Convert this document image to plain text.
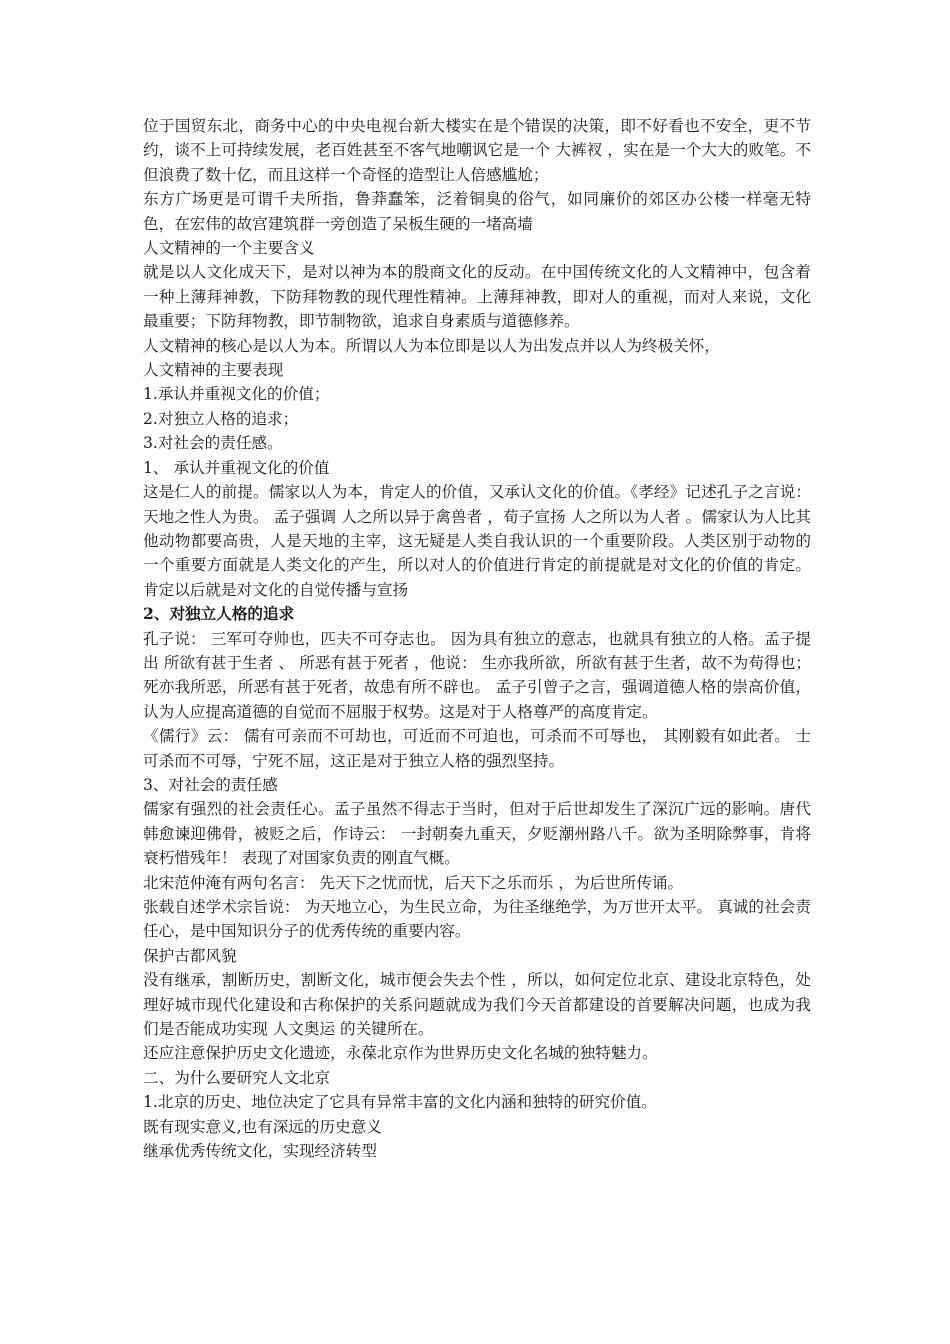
位于国贸东北，商务中心的中央电视台新大楼实在是个错误的决策，即不好看也不安全，更不节约，谈不上可持续发展，老百姓甚至不客气地嘲讽它是一个 大裤衩 ，实在是一个大大的败笔。不但浪费了数十亿，而且这样一个奇怪的造型让人倍感尴尬；

东方广场更是可谓千夫所指，鲁莽蠢笨，泛着铜臭的俗气，如同廉价的郊区办公楼一样毫无特色，在宏伟的故宫建筑群一旁创造了呆板生硬的一堵高墙

人文精神的一个主要含义

就是以人文化成天下，是对以神为本的殷商文化的反动。在中国传统文化的人文精神中，包含着一种上薄拜神教，下防拜物教的现代理性精神。上薄拜神教，即对人的重视，而对人来说，文化最重要；下防拜物教，即节制物欲，追求自身素质与道德修养。

人文精神的核心是以人为本。所谓以人为本位即是以人为出发点并以人为终极关怀，

人文精神的主要表现

1.承认并重视文化的价值；

2.对独立人格的追求；

3.对社会的责任感。

1、 承认并重视文化的价值

这是仁人的前提。儒家以人为本，肯定人的价值，又承认文化的价值。《孝经》记述孔子之言说：天地之性人为贵。 孟子强调 人之所以异于禽兽者 ，荀子宣扬 人之所以为人者 。儒家认为人比其他动物都要高贵，人是天地的主宰，这无疑是人类自我认识的一个重要阶段。人类区别于动物的一个重要方面就是人类文化的产生，所以对人的价值进行肯定的前提就是对文化的价值的肯定。肯定以后就是对文化的自觉传播与宣扬

2、对独立人格的追求

孔子说： 三军可夺帅也，匹夫不可夺志也。 因为具有独立的意志，也就具有独立的人格。孟子提出 所欲有甚于生者 、 所恶有甚于死者 ，他说： 生亦我所欲，所欲有甚于生者，故不为苟得也；死亦我所恶，所恶有甚于死者，故患有所不辟也。 孟子引曾子之言，强调道德人格的崇高价值，认为人应提高道德的自觉而不屈服于权势。这是对于人格尊严的高度肯定。

《儒行》云： 儒有可亲而不可劫也，可近而不可迫也，可杀而不可辱也， 其刚毅有如此者。 士可杀而不可辱，宁死不屈，这正是对于独立人格的强烈坚持。

3、对社会的责任感

儒家有强烈的社会责任心。孟子虽然不得志于当时，但对于后世却发生了深沉广远的影响。唐代韩愈谏迎佛骨，被贬之后，作诗云： 一封朝奏九重天，夕贬潮州路八千。欲为圣明除弊事，肯将衰朽惜残年！ 表现了对国家负责的刚直气概。

北宋范仲淹有两句名言： 先天下之忧而忧，后天下之乐而乐 ，为后世所传诵。

张载自述学术宗旨说： 为天地立心，为生民立命，为往圣继绝学，为万世开太平。 真诚的社会责任心，是中国知识分子的优秀传统的重要内容。

保护古都风貌

没有继承，割断历史，割断文化，城市便会失去个性 ，所以，如何定位北京、建设北京特色，处理好城市现代化建设和古称保护的关系问题就成为我们今天首都建设的首要解决问题，也成为我们是否能成功实现 人文奥运 的关键所在。

还应注意保护历史文化遗迹，永葆北京作为世界历史文化名城的独特魅力。

二、为什么要研究人文北京

1.北京的历史、地位决定了它具有异常丰富的文化内涵和独特的研究价值。

既有现实意义,也有深远的历史意义

继承优秀传统文化，实现经济转型
